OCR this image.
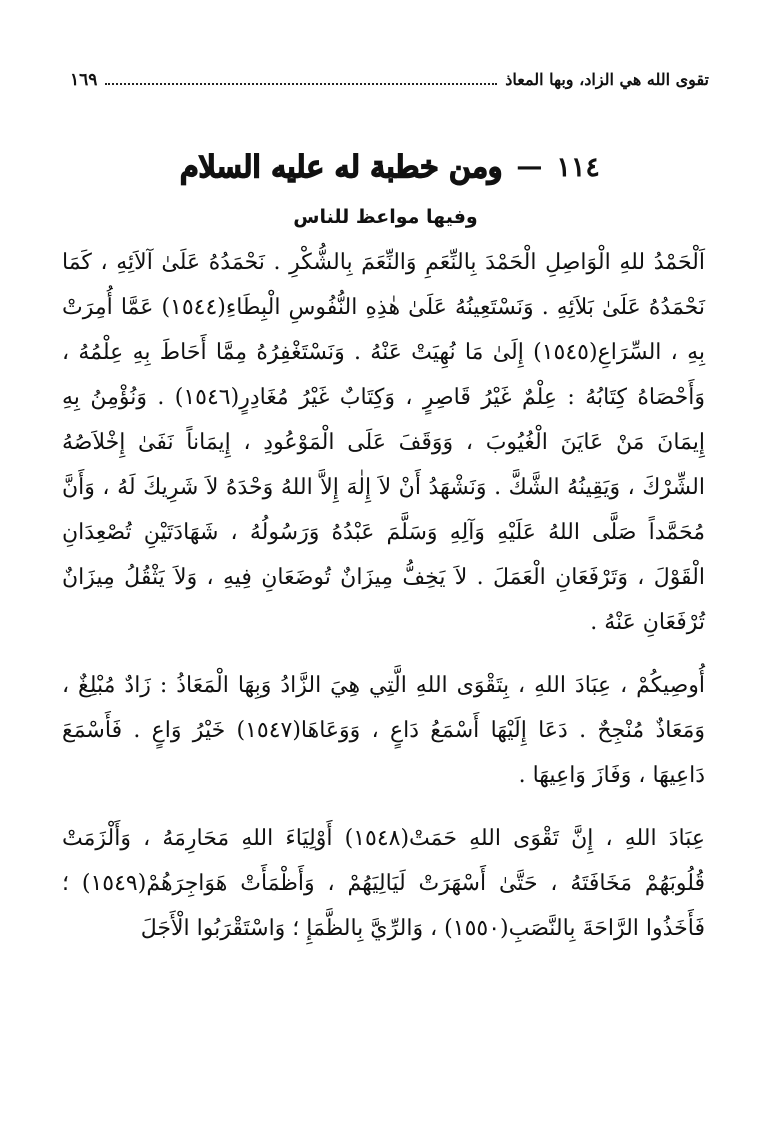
تقوى الله هي الزاد، وبها المعاذ
١٦٩
١١٤
—
ومن خطبة له عليه السلام
وفيها مواعظ للناس

اَلْحَمْدُ للهِ الْوَاصِلِ الْحَمْدَ بِالنِّعَمِ وَالنِّعَمَ بِالشُّكْرِ . نَحْمَدُهُ عَلَىٰ آلاَئِهِ ، كَمَا نَحْمَدُهُ عَلَىٰ بَلاَئِهِ . وَنَسْتَعِينُهُ عَلَىٰ هٰذِهِ النُّفُوسِ الْبِطَاءِ(١٥٤٤) عَمَّا أُمِرَتْ بِهِ ، السِّرَاعِ(١٥٤٥) إِلَىٰ مَا نُهِيَتْ عَنْهُ . وَنَسْتَغْفِرُهُ مِمَّا أَحَاطَ بِهِ عِلْمُهُ ، وَأَحْصَاهُ كِتَابُهُ : عِلْمٌ غَيْرُ قَاصِرٍ ، وَكِتَابٌ غَيْرُ مُغَادِرٍ(١٥٤٦) . وَنُؤْمِنُ بِهِ إِيمَانَ مَنْ عَايَنَ الْغُيُوبَ ، وَوَقَفَ عَلَى الْمَوْعُودِ ، إِيمَاناً نَفَىٰ إِخْلاَصُهُ الشِّرْكَ ، وَيَقِينُهُ الشَّكَّ . وَنَشْهَدُ أَنْ لاَ إِلٰهَ إِلاَّ اللهُ وَحْدَهُ لاَ شَرِيكَ لَهُ ، وَأَنَّ مُحَمَّداً صَلَّى اللهُ عَلَيْهِ وَآلِهِ وَسَلَّمَ عَبْدُهُ وَرَسُولُهُ ، شَهَادَتَيْنِ تُصْعِدَانِ الْقَوْلَ ، وَتَرْفَعَانِ الْعَمَلَ . لاَ يَخِفُّ مِيزَانٌ تُوضَعَانِ فِيهِ ، وَلاَ يَثْقُلُ مِيزَانٌ تُرْفَعَانِ عَنْهُ .

أُوصِيكُمْ ، عِبَادَ اللهِ ، بِتَقْوَى اللهِ الَّتِي هِيَ الزَّادُ وَبِهَا الْمَعَاذُ : زَادٌ مُبْلِغٌ ، وَمَعَاذٌ مُنْجِحٌ . دَعَا إِلَيْهَا أَسْمَعُ دَاعٍ ، وَوَعَاهَا(١٥٤٧) خَيْرُ وَاعٍ . فَأَسْمَعَ دَاعِيهَا ، وَفَازَ وَاعِيهَا .

عِبَادَ اللهِ ، إِنَّ تَقْوَى اللهِ حَمَتْ(١٥٤٨) أَوْلِيَاءَ اللهِ مَحَارِمَهُ ، وَأَلْزَمَتْ قُلُوبَهُمْ مَخَافَتَهُ ، حَتَّىٰ أَسْهَرَتْ لَيَالِيَهُمْ ، وَأَظْمَأَتْ هَوَاجِرَهُمْ(١٥٤٩) ؛ فَأَخَذُوا الرَّاحَةَ بِالنَّصَبِ(١٥٥٠) ، وَالرِّيَّ بِالظَّمَإِ ؛ وَاسْتَقْرَبُوا الْأَجَلَ
